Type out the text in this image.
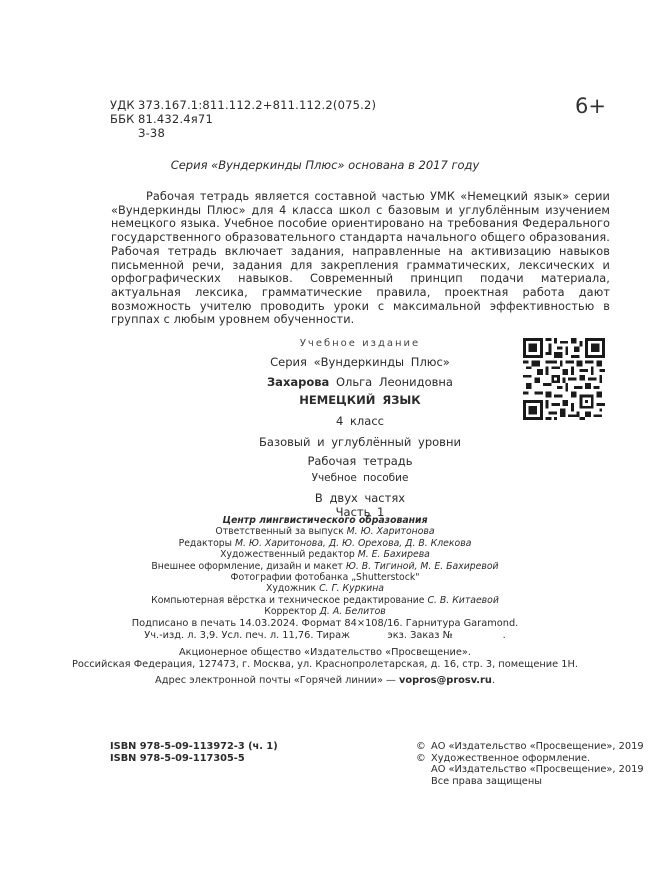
УДК 373.167.1:811.112.2+811.112.2(075.2)
ББК 81.432.4я71
З-38
6+
Серия «Вундеркинды Плюс» основана в 2017 году
Рабочая тетрадь является составной частью УМК «Немецкий язык» серии «Вундеркинды Плюс» для 4 класса школ с базовым и углублённым изучением немецкого языка. Учебное пособие ориентировано на требования Федерального государственного образовательного стандарта начального общего образования. Рабочая тетрадь включает задания, направленные на активизацию навыков письменной речи, задания для закрепления грамматических, лексических и орфографических навыков. Современный принцип подачи материала, актуальная лексика, грамматические правила, проектная работа дают возможность учителю проводить уроки с максимальной эффективностью в группах с любым уровнем обученности.
Учебное издание
Серия «Вундеркинды Плюс»
Захарова Ольга Леонидовна
НЕМЕЦКИЙ ЯЗЫК
4 класс
Базовый и углублённый уровни
Рабочая тетрадь
Учебное пособие
В двух частях
Часть 1
Центр лингвистического образования
Ответственный за выпуск М. Ю. Харитонова
Редакторы М. Ю. Харитонова, Д. Ю. Орехова, Д. В. Клекова
Художественный редактор М. Е. Бахирева
Внешнее оформление, дизайн и макет Ю. В. Тигиной, М. Е. Бахиревой
Фотографии фотобанка „Shutterstock"
Художник С. Г. Куркина
Компьютерная вёрстка и техническое редактирование С. В. Китаевой
Корректор Д. А. Белитов
Подписано в печать 14.03.2024. Формат 84×108/16. Гарнитура Garamond.
Уч.-изд. л. 3,9. Усл. печ. л. 11,76. Тираж            экз. Заказ №                .
Акционерное общество «Издательство «Просвещение».
Российская Федерация, 127473, г. Москва, ул. Краснопролетарская, д. 16, стр. 3, помещение 1Н.
Адрес электронной почты «Горячей линии» — vopros@prosv.ru.
ISBN 978-5-09-113972-3 (ч. 1)
ISBN 978-5-09-117305-5
© АО «Издательство «Просвещение», 2019
© Художественное оформление.
АО «Издательство «Просвещение», 2019
Все права защищены
